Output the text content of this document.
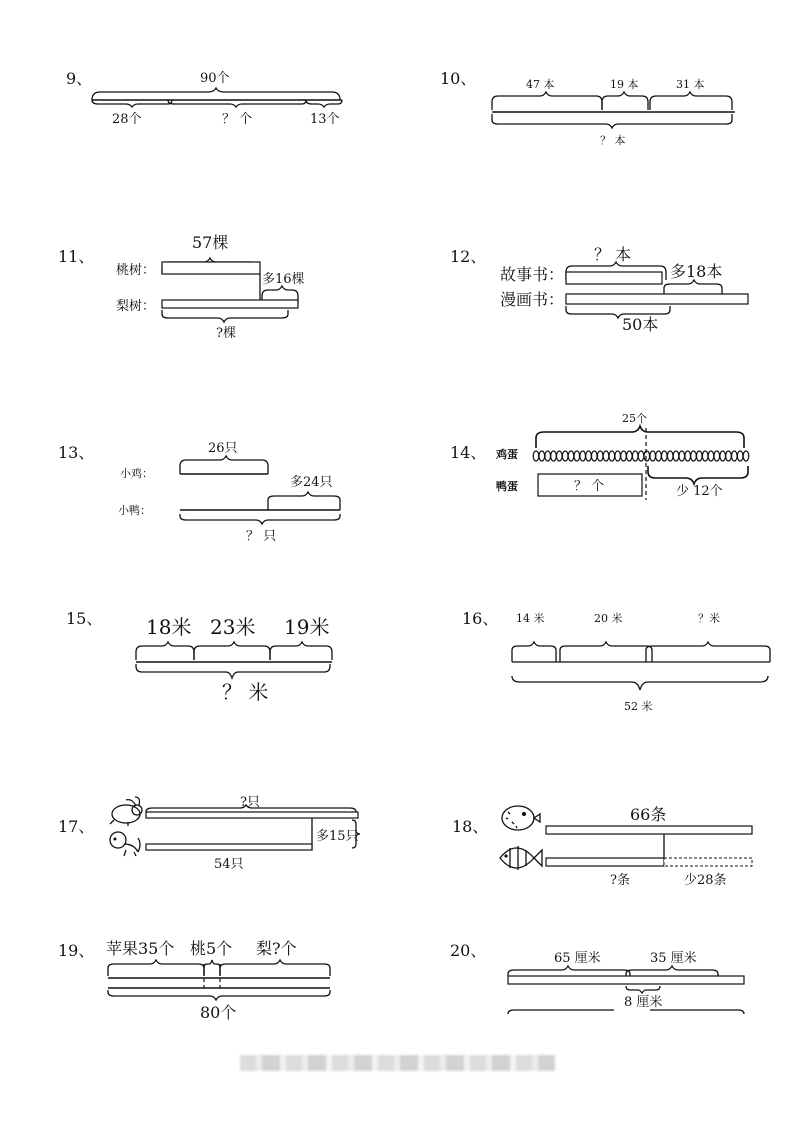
9、	90个
28个	？ 个	13个
10、	47 本	19 本	31 本
？ 本
11、
57棵
桃树：
多16棵
梨树：
?棵
12、	？ 本
故事书：	多18本
漫画书：
50本
13、	26只
小鸡：
多24只
小鸭：
？ 只
14、
25个
鸡蛋
鸭蛋	？ 个	少 12个
15、 18米 23米 19米
？ 米
16、 14 米	20 米	？米
52 米
17、
?只
多15只
54只
18、
66条
?条	少28条
19、 苹果35个 桃5个 梨?个
80个
20、	65 厘米	35 厘米
8 厘米
